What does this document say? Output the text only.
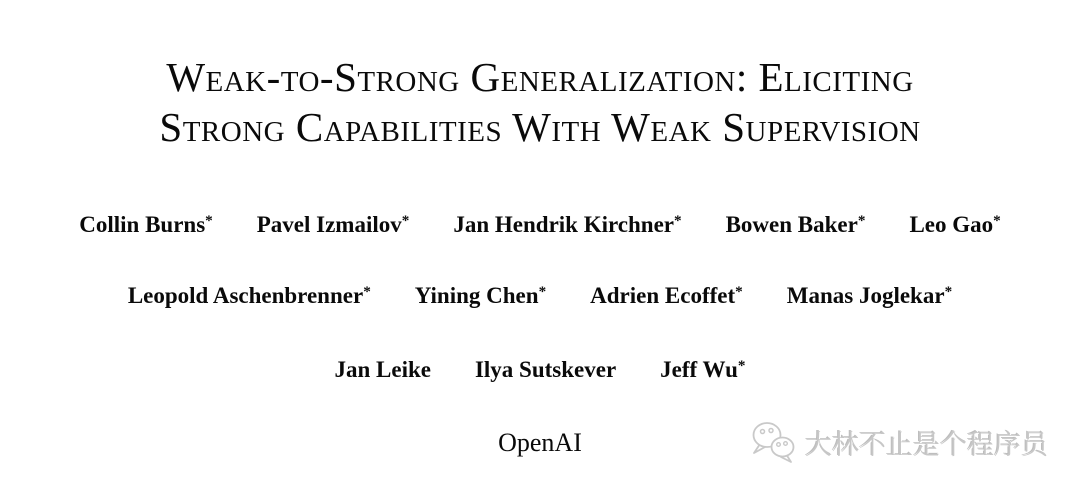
Weak-to-Strong Generalization: Eliciting
Strong Capabilities With Weak Supervision
Collin Burns* Pavel Izmailov* Jan Hendrik Kirchner* Bowen Baker* Leo Gao*
Leopold Aschenbrenner* Yining Chen* Adrien Ecoffet* Manas Joglekar*
Jan Leike Ilya Sutskever Jeff Wu*
OpenAI	大林不止是个程序员
